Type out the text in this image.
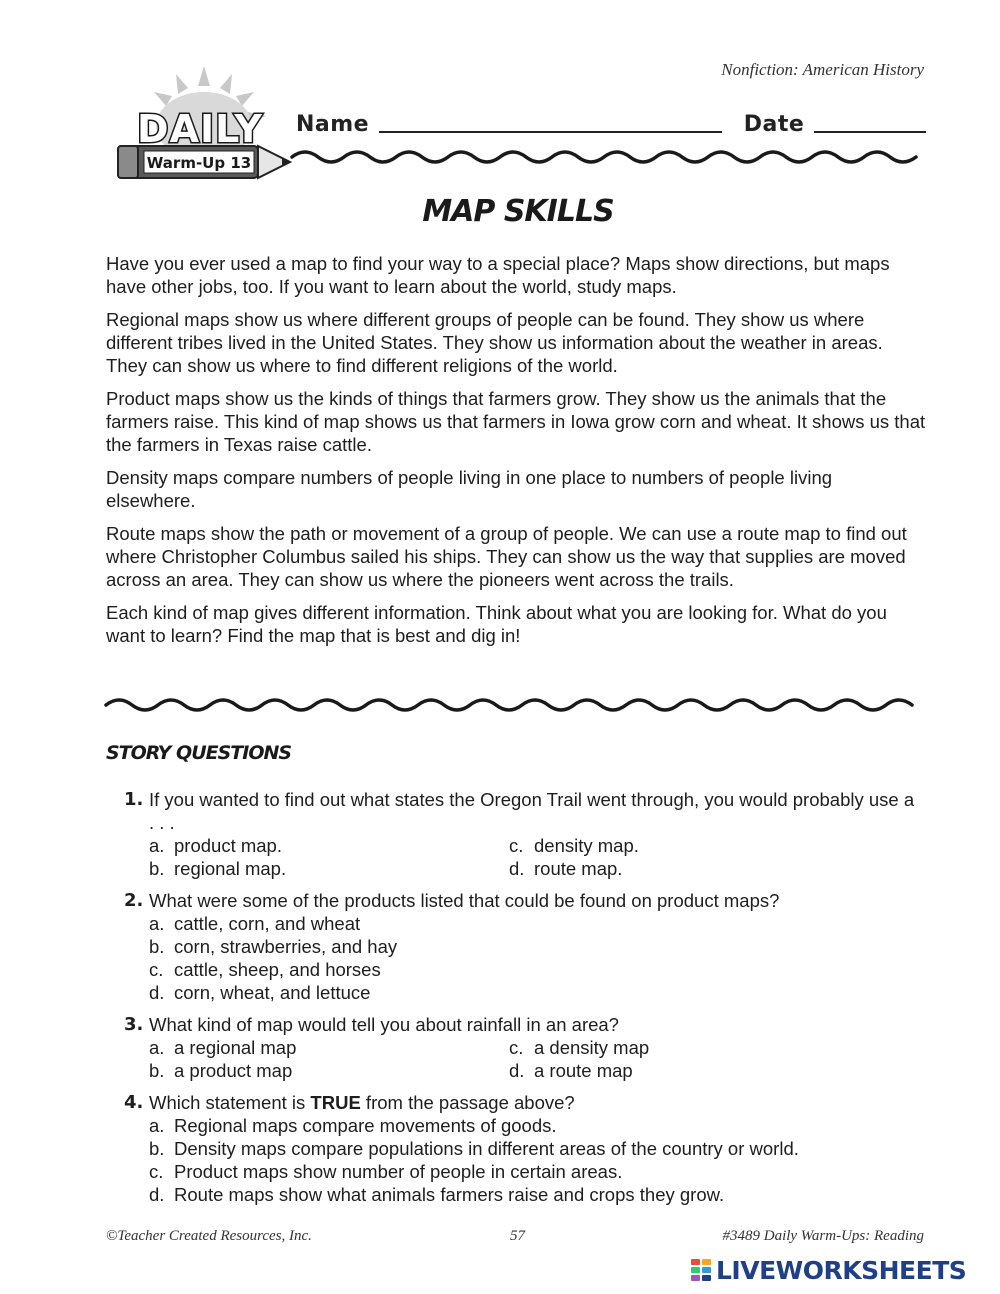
Nonfiction: American History
DAILY
Warm-Up 13
Name	Date
MAP SKILLS

Have you ever used a map to find your way to a special place? Maps show directions, but maps have other jobs, too. If you want to learn about the world, study maps.

Regional maps show us where different groups of people can be found. They show us where different tribes lived in the United States. They show us information about the weather in areas. They can show us where to find different religions of the world.

Product maps show us the kinds of things that farmers grow. They show us the animals that the farmers raise. This kind of map shows us that farmers in Iowa grow corn and wheat. It shows us that the farmers in Texas raise cattle.

Density maps compare numbers of people living in one place to numbers of people living elsewhere.

Route maps show the path or movement of a group of people. We can use a route map to find out where Christopher Columbus sailed his ships. They can show us the way that supplies are moved across an area. They can show us where the pioneers went across the trails.

Each kind of map gives different information. Think about what you are looking for. What do you want to learn? Find the map that is best and dig in!

STORY QUESTIONS
1. If you wanted to find out what states the Oregon Trail went through, you would probably use a . . .
a. product map.	c. density map.
b. regional map.	d. route map.
2. What were some of the products listed that could be found on product maps?
a. cattle, corn, and wheat
b. corn, strawberries, and hay
c. cattle, sheep, and horses
d. corn, wheat, and lettuce
3. What kind of map would tell you about rainfall in an area?
a. a regional map	c. a density map
b. a product map	d. a route map
4. Which statement is TRUE from the passage above?
a. Regional maps compare movements of goods.
b. Density maps compare populations in different areas of the country or world.
c. Product maps show number of people in certain areas.
d. Route maps show what animals farmers raise and crops they grow.
©Teacher Created Resources, Inc.	57	#3489 Daily Warm-Ups: Reading
LIVEWORKSHEETS
